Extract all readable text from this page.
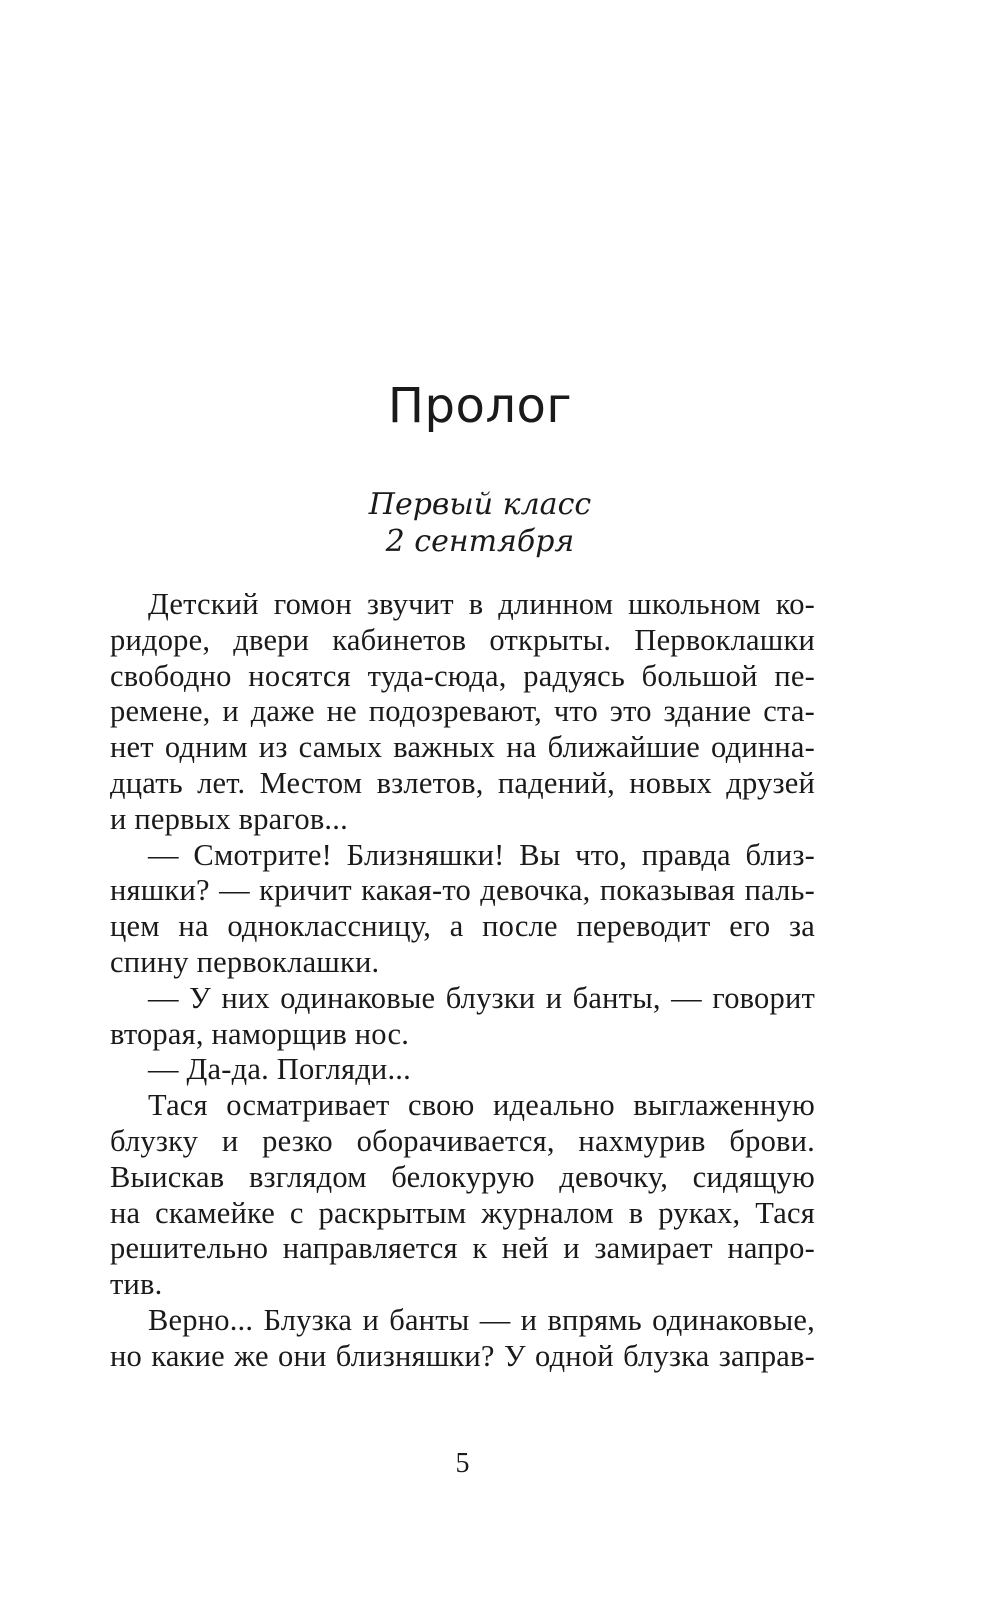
Пролог
Первый класс
2 сентября
Детский гомон звучит в длинном школьном ко-
ридоре, двери кабинетов открыты. Первоклашки
свободно носятся туда-сюда, радуясь большой пе-
ремене, и даже не подозревают, что это здание ста-
нет одним из самых важных на ближайшие одинна-
дцать лет. Местом взлетов, падений, новых друзей
и первых врагов...
— Смотрите! Близняшки! Вы что, правда близ-
няшки? — кричит какая-то девочка, показывая паль-
цем на одноклассницу, а после переводит его за
спину первоклашки.
— У них одинаковые блузки и банты, — говорит
вторая, наморщив нос.
— Да-да. Погляди...
Тася осматривает свою идеально выглаженную
блузку и резко оборачивается, нахмурив брови.
Выискав взглядом белокурую девочку, сидящую
на скамейке с раскрытым журналом в руках, Тася
решительно направляется к ней и замирает напро-
тив.
Верно... Блузка и банты — и впрямь одинаковые,
но какие же они близняшки? У одной блузка заправ-
5
